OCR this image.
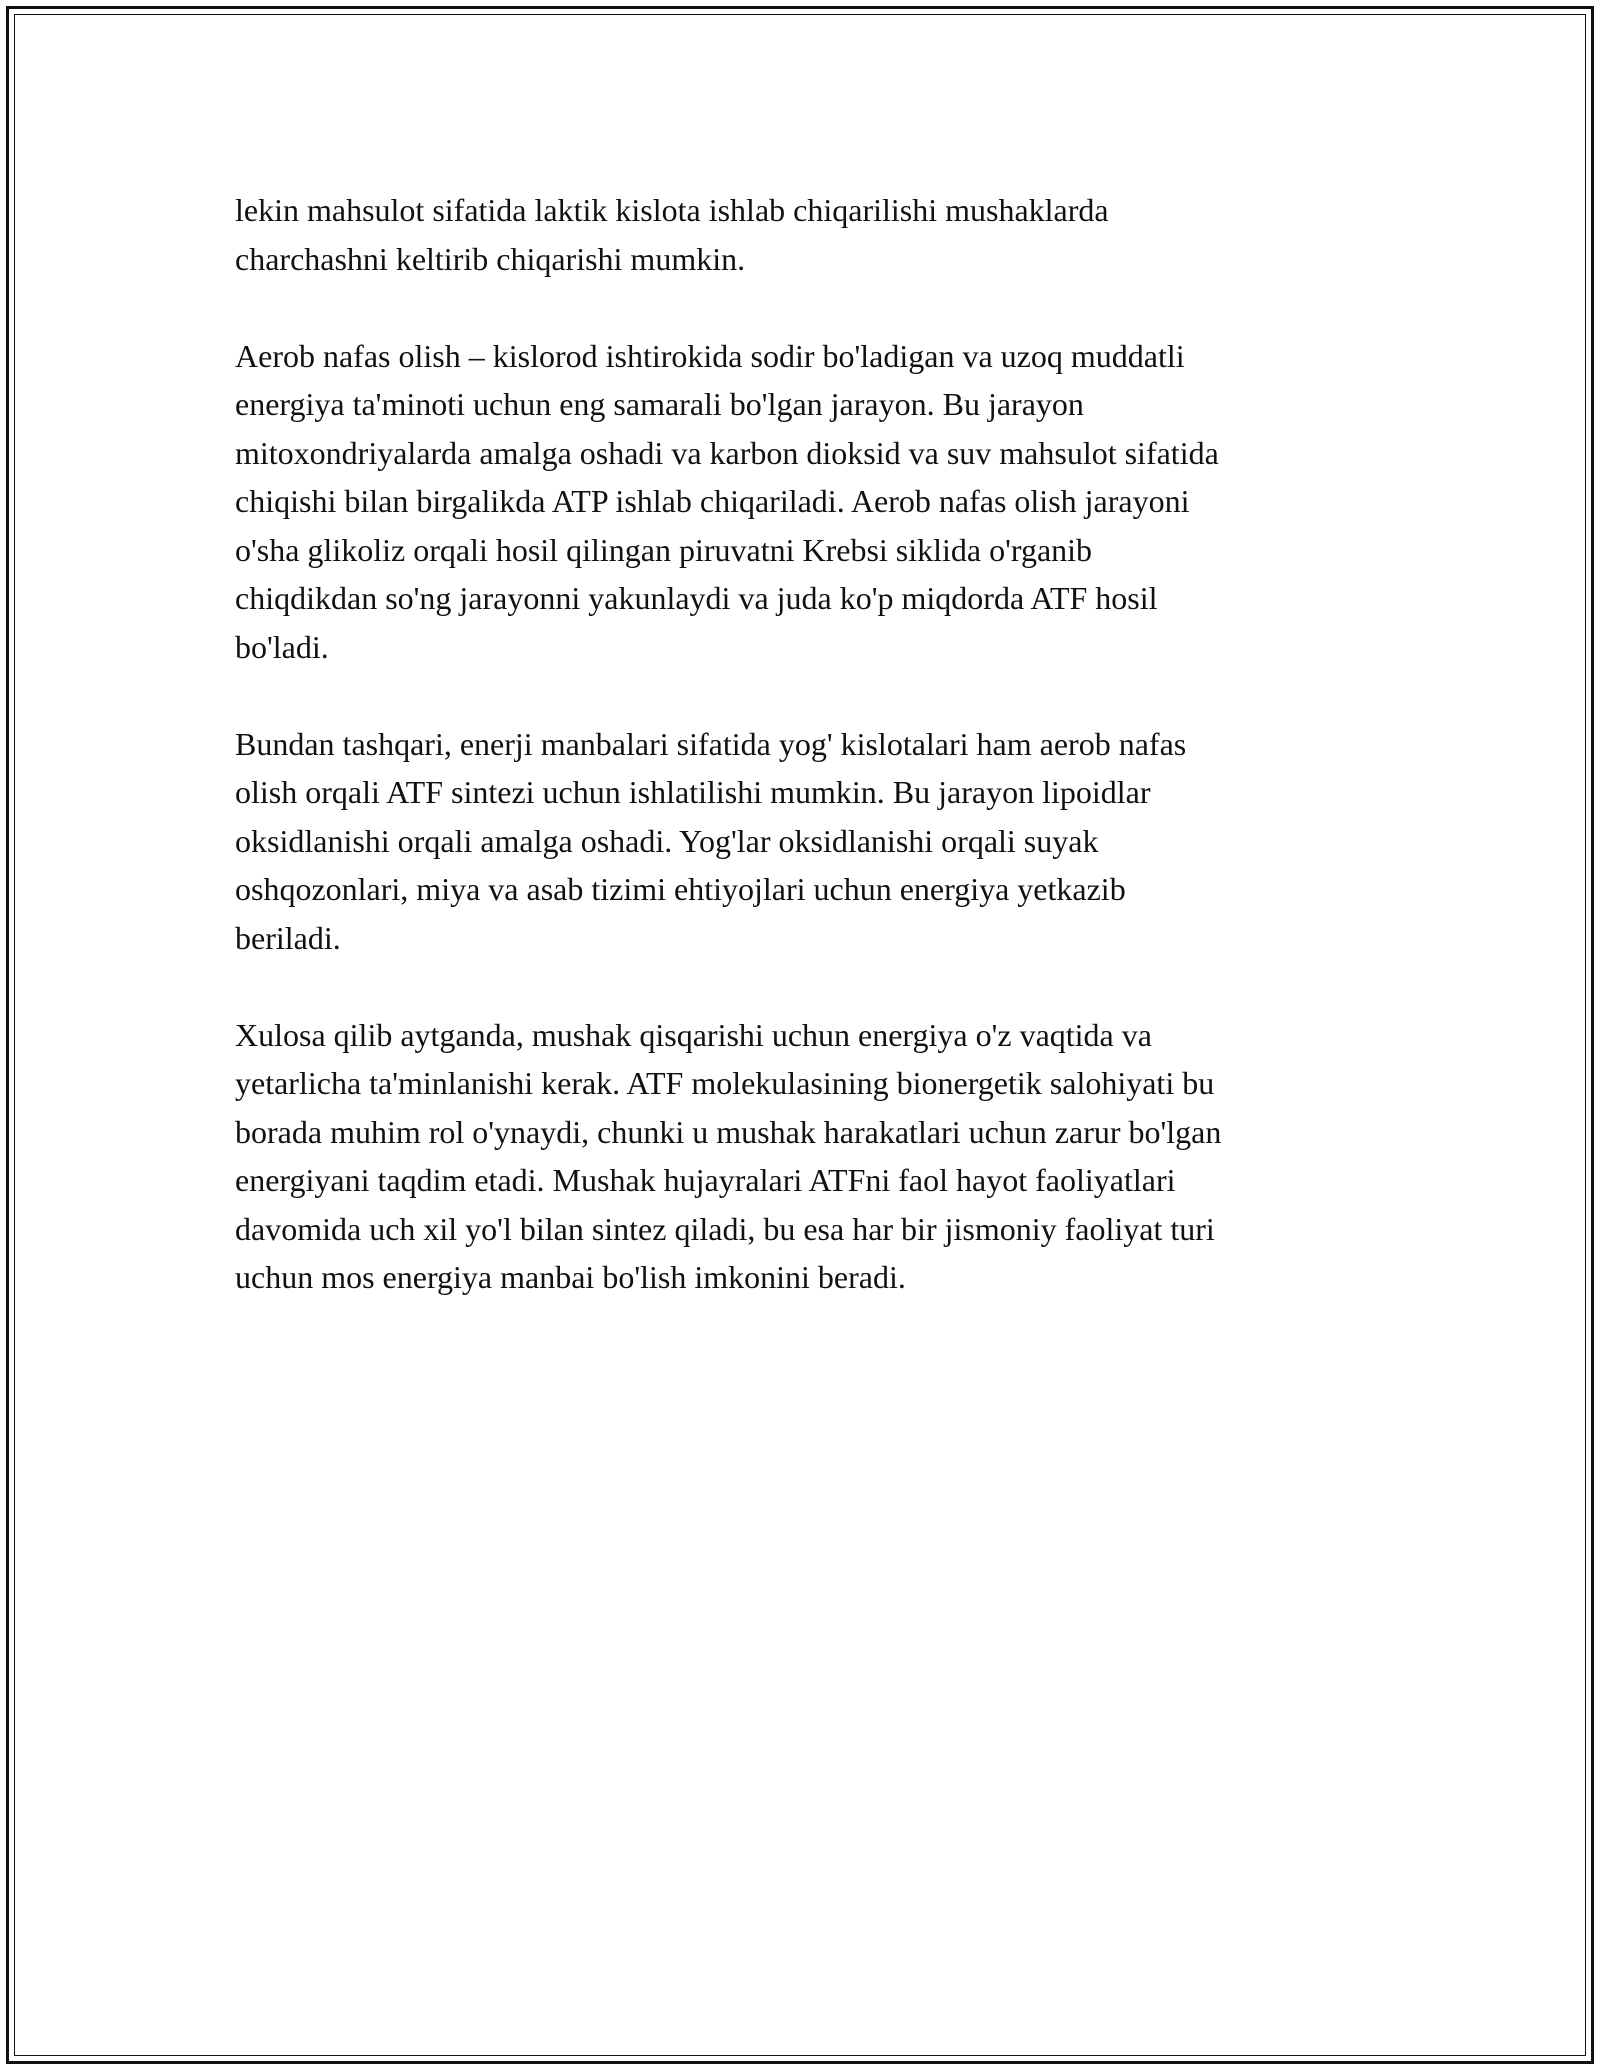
lekin mahsulot sifatida laktik kislota ishlab chiqarilishi mushaklarda
charchashni keltirib chiqarishi mumkin.

Aerob nafas olish – kislorod ishtirokida sodir bo'ladigan va uzoq muddatli
energiya ta'minoti uchun eng samarali bo'lgan jarayon. Bu jarayon
mitoxondriyalarda amalga oshadi va karbon dioksid va suv mahsulot sifatida
chiqishi bilan birgalikda ATP ishlab chiqariladi. Aerob nafas olish jarayoni
o'sha glikoliz orqali hosil qilingan piruvatni Krebsi siklida o'rganib
chiqdikdan so'ng jarayonni yakunlaydi va juda ko'p miqdorda ATF hosil
bo'ladi.

Bundan tashqari, enerji manbalari sifatida yog' kislotalari ham aerob nafas
olish orqali ATF sintezi uchun ishlatilishi mumkin. Bu jarayon lipoidlar
oksidlanishi orqali amalga oshadi. Yog'lar oksidlanishi orqali suyak
oshqozonlari, miya va asab tizimi ehtiyojlari uchun energiya yetkazib
beriladi.

Xulosa qilib aytganda, mushak qisqarishi uchun energiya o'z vaqtida va
yetarlicha ta'minlanishi kerak. ATF molekulasining bionergetik salohiyati bu
borada muhim rol o'ynaydi, chunki u mushak harakatlari uchun zarur bo'lgan
energiyani taqdim etadi. Mushak hujayralari ATFni faol hayot faoliyatlari
davomida uch xil yo'l bilan sintez qiladi, bu esa har bir jismoniy faoliyat turi
uchun mos energiya manbai bo'lish imkonini beradi.
